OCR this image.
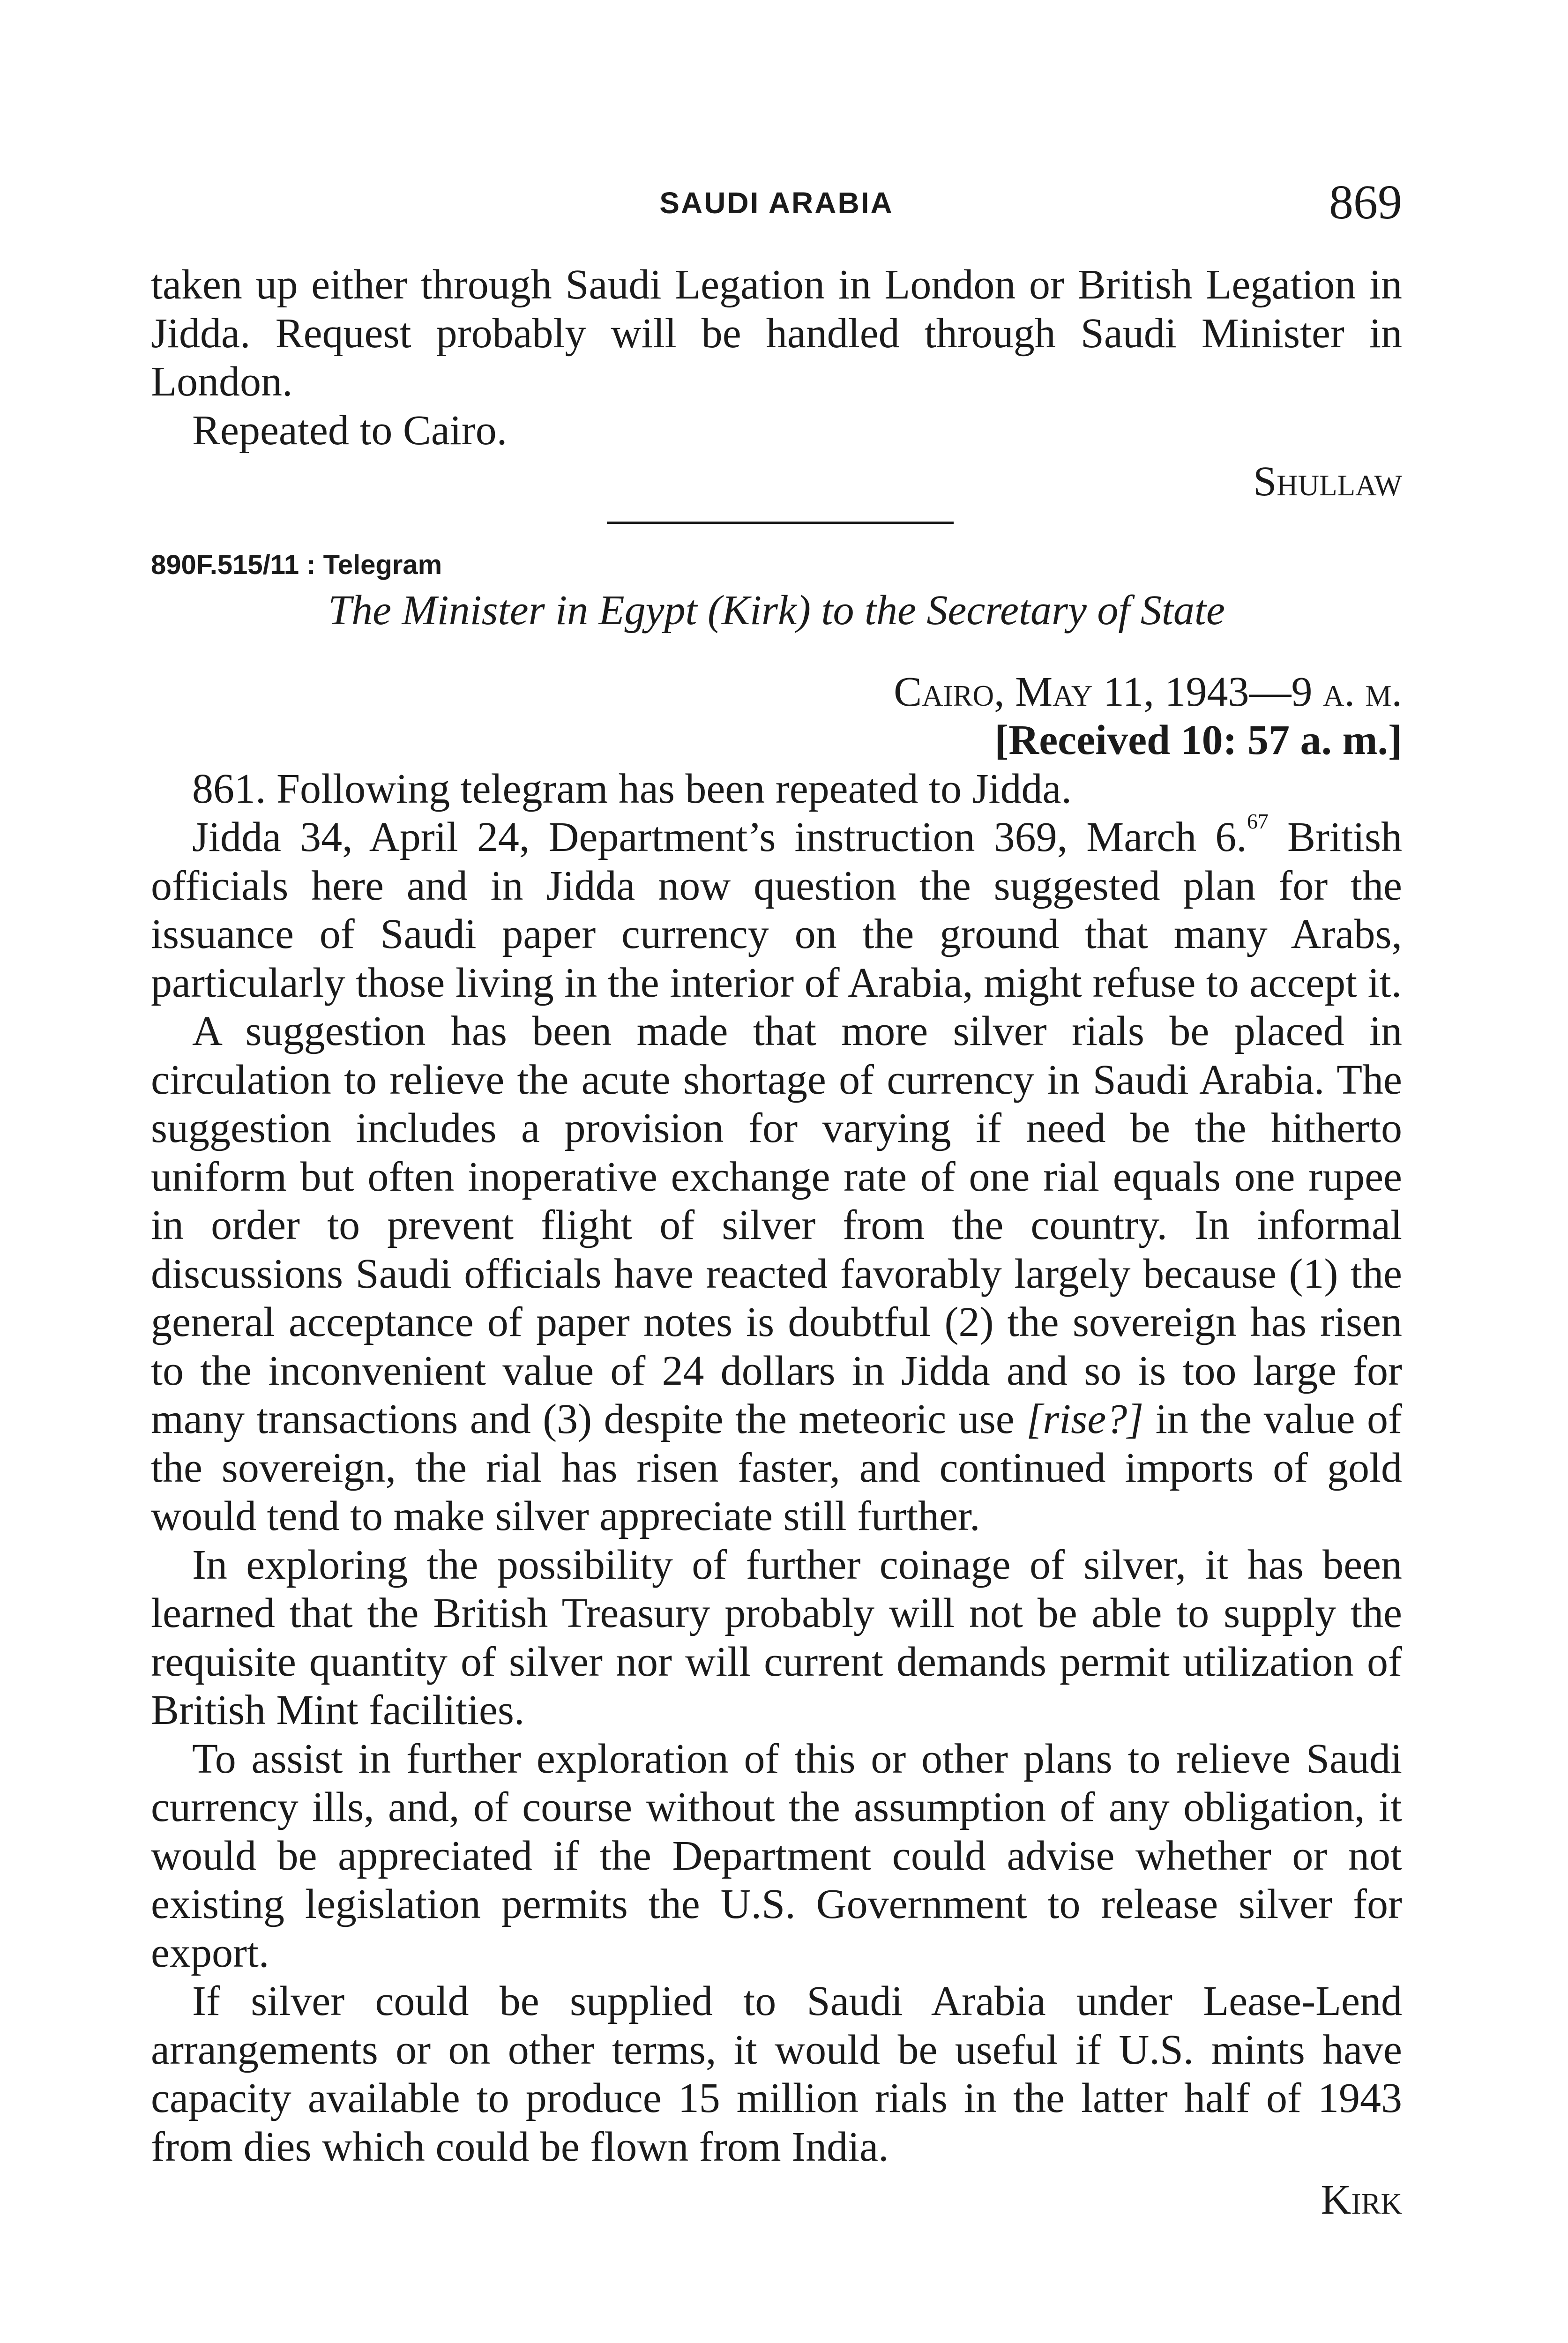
SAUDI ARABIA	869

taken up either through Saudi Legation in London or British Legation in Jidda. Request probably will be handled through Saudi Minister in London.

Repeated to Cairo.

Shullaw

890F.515/11 : Telegram

The Minister in Egypt (Kirk) to the Secretary of State

Cairo, May 11, 1943—9 a. m.

[Received 10: 57 a. m.]

861. Following telegram has been repeated to Jidda.

Jidda 34, April 24, Department’s instruction 369, March 6.67 British officials here and in Jidda now question the suggested plan for the issuance of Saudi paper currency on the ground that many Arabs, particularly those living in the interior of Arabia, might refuse to accept it.

A suggestion has been made that more silver rials be placed in circulation to relieve the acute shortage of currency in Saudi Arabia. The suggestion includes a provision for varying if need be the hitherto uniform but often inoperative exchange rate of one rial equals one rupee in order to prevent flight of silver from the country. In informal discussions Saudi officials have reacted favorably largely because (1) the general acceptance of paper notes is doubtful (2) the sovereign has risen to the inconvenient value of 24 dollars in Jidda and so is too large for many transactions and (3) despite the meteoric use [rise?] in the value of the sovereign, the rial has risen faster, and continued imports of gold would tend to make silver appreciate still further.

In exploring the possibility of further coinage of silver, it has been learned that the British Treasury probably will not be able to supply the requisite quantity of silver nor will current demands permit utilization of British Mint facilities.

To assist in further exploration of this or other plans to relieve Saudi currency ills, and, of course without the assumption of any obligation, it would be appreciated if the Department could advise whether or not existing legislation permits the U.S. Government to release silver for export.

If silver could be supplied to Saudi Arabia under Lease-Lend arrangements or on other terms, it would be useful if U.S. mints have capacity available to produce 15 million rials in the latter half of 1943 from dies which could be flown from India.

Kirk
